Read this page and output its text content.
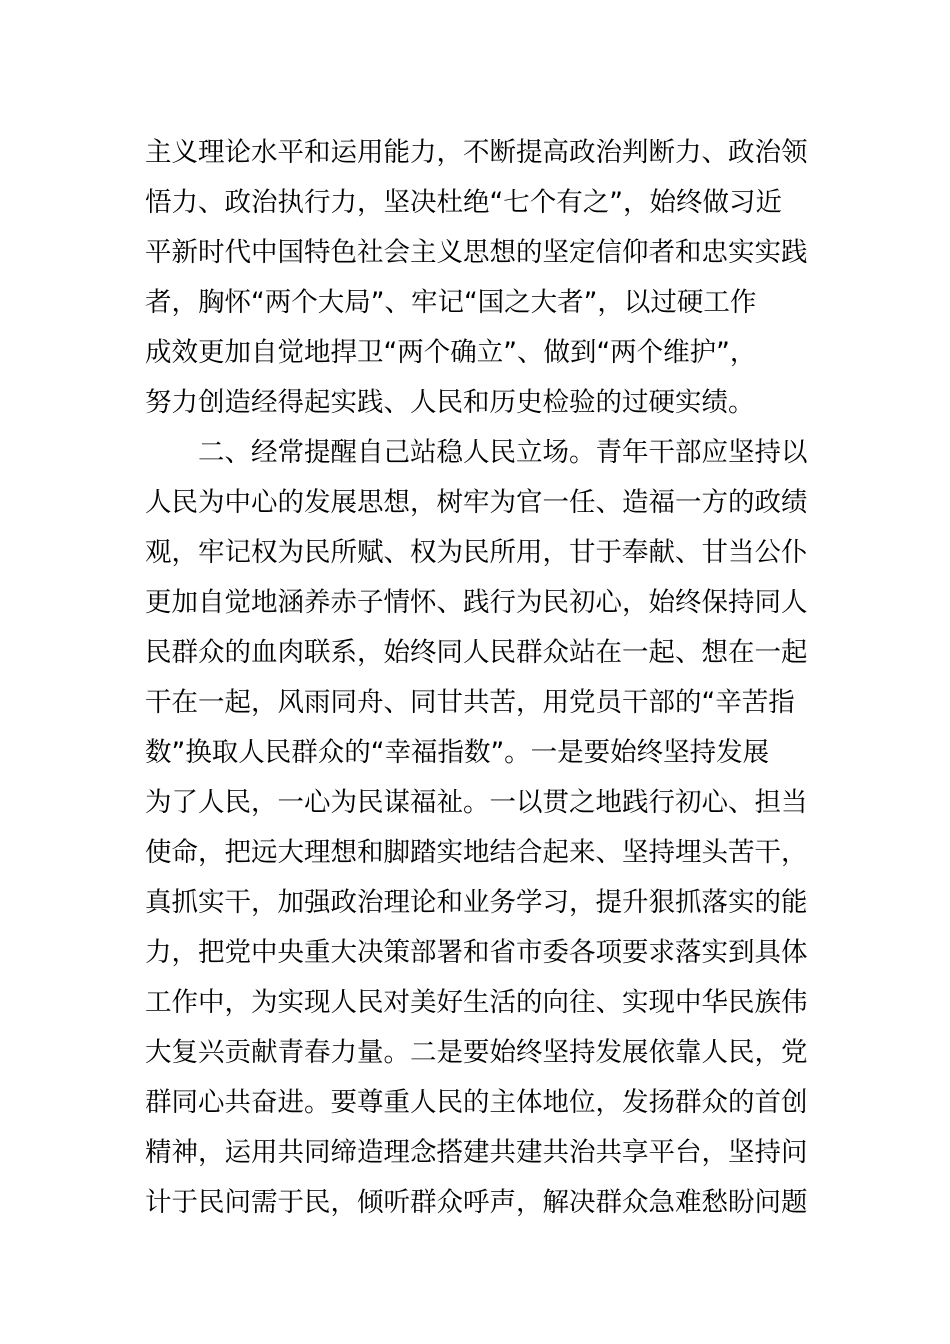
主义理论水平和运用能力，不断提高政治判断力、政治领
悟力、政治执行力，坚决杜绝“七个有之”，始终做习近
平新时代中国特色社会主义思想的坚定信仰者和忠实实践
者，胸怀“两个大局”、牢记“国之大者”，以过硬工作
成效更加自觉地捍卫“两个确立”、做到“两个维护”，
努力创造经得起实践、人民和历史检验的过硬实绩。
二、经常提醒自己站稳人民立场。青年干部应坚持以
人民为中心的发展思想，树牢为官一任、造福一方的政绩
观，牢记权为民所赋、权为民所用，甘于奉献、甘当公仆
更加自觉地涵养赤子情怀、践行为民初心，始终保持同人
民群众的血肉联系，始终同人民群众站在一起、想在一起
干在一起，风雨同舟、同甘共苦，用党员干部的“辛苦指
数”换取人民群众的“幸福指数”。一是要始终坚持发展
为了人民，一心为民谋福祉。一以贯之地践行初心、担当
使命，把远大理想和脚踏实地结合起来、坚持埋头苦干，
真抓实干，加强政治理论和业务学习，提升狠抓落实的能
力，把党中央重大决策部署和省市委各项要求落实到具体
工作中，为实现人民对美好生活的向往、实现中华民族伟
大复兴贡献青春力量。二是要始终坚持发展依靠人民，党
群同心共奋进。要尊重人民的主体地位，发扬群众的首创
精神，运用共同缔造理念搭建共建共治共享平台，坚持问
计于民问需于民，倾听群众呼声，解决群众急难愁盼问题
